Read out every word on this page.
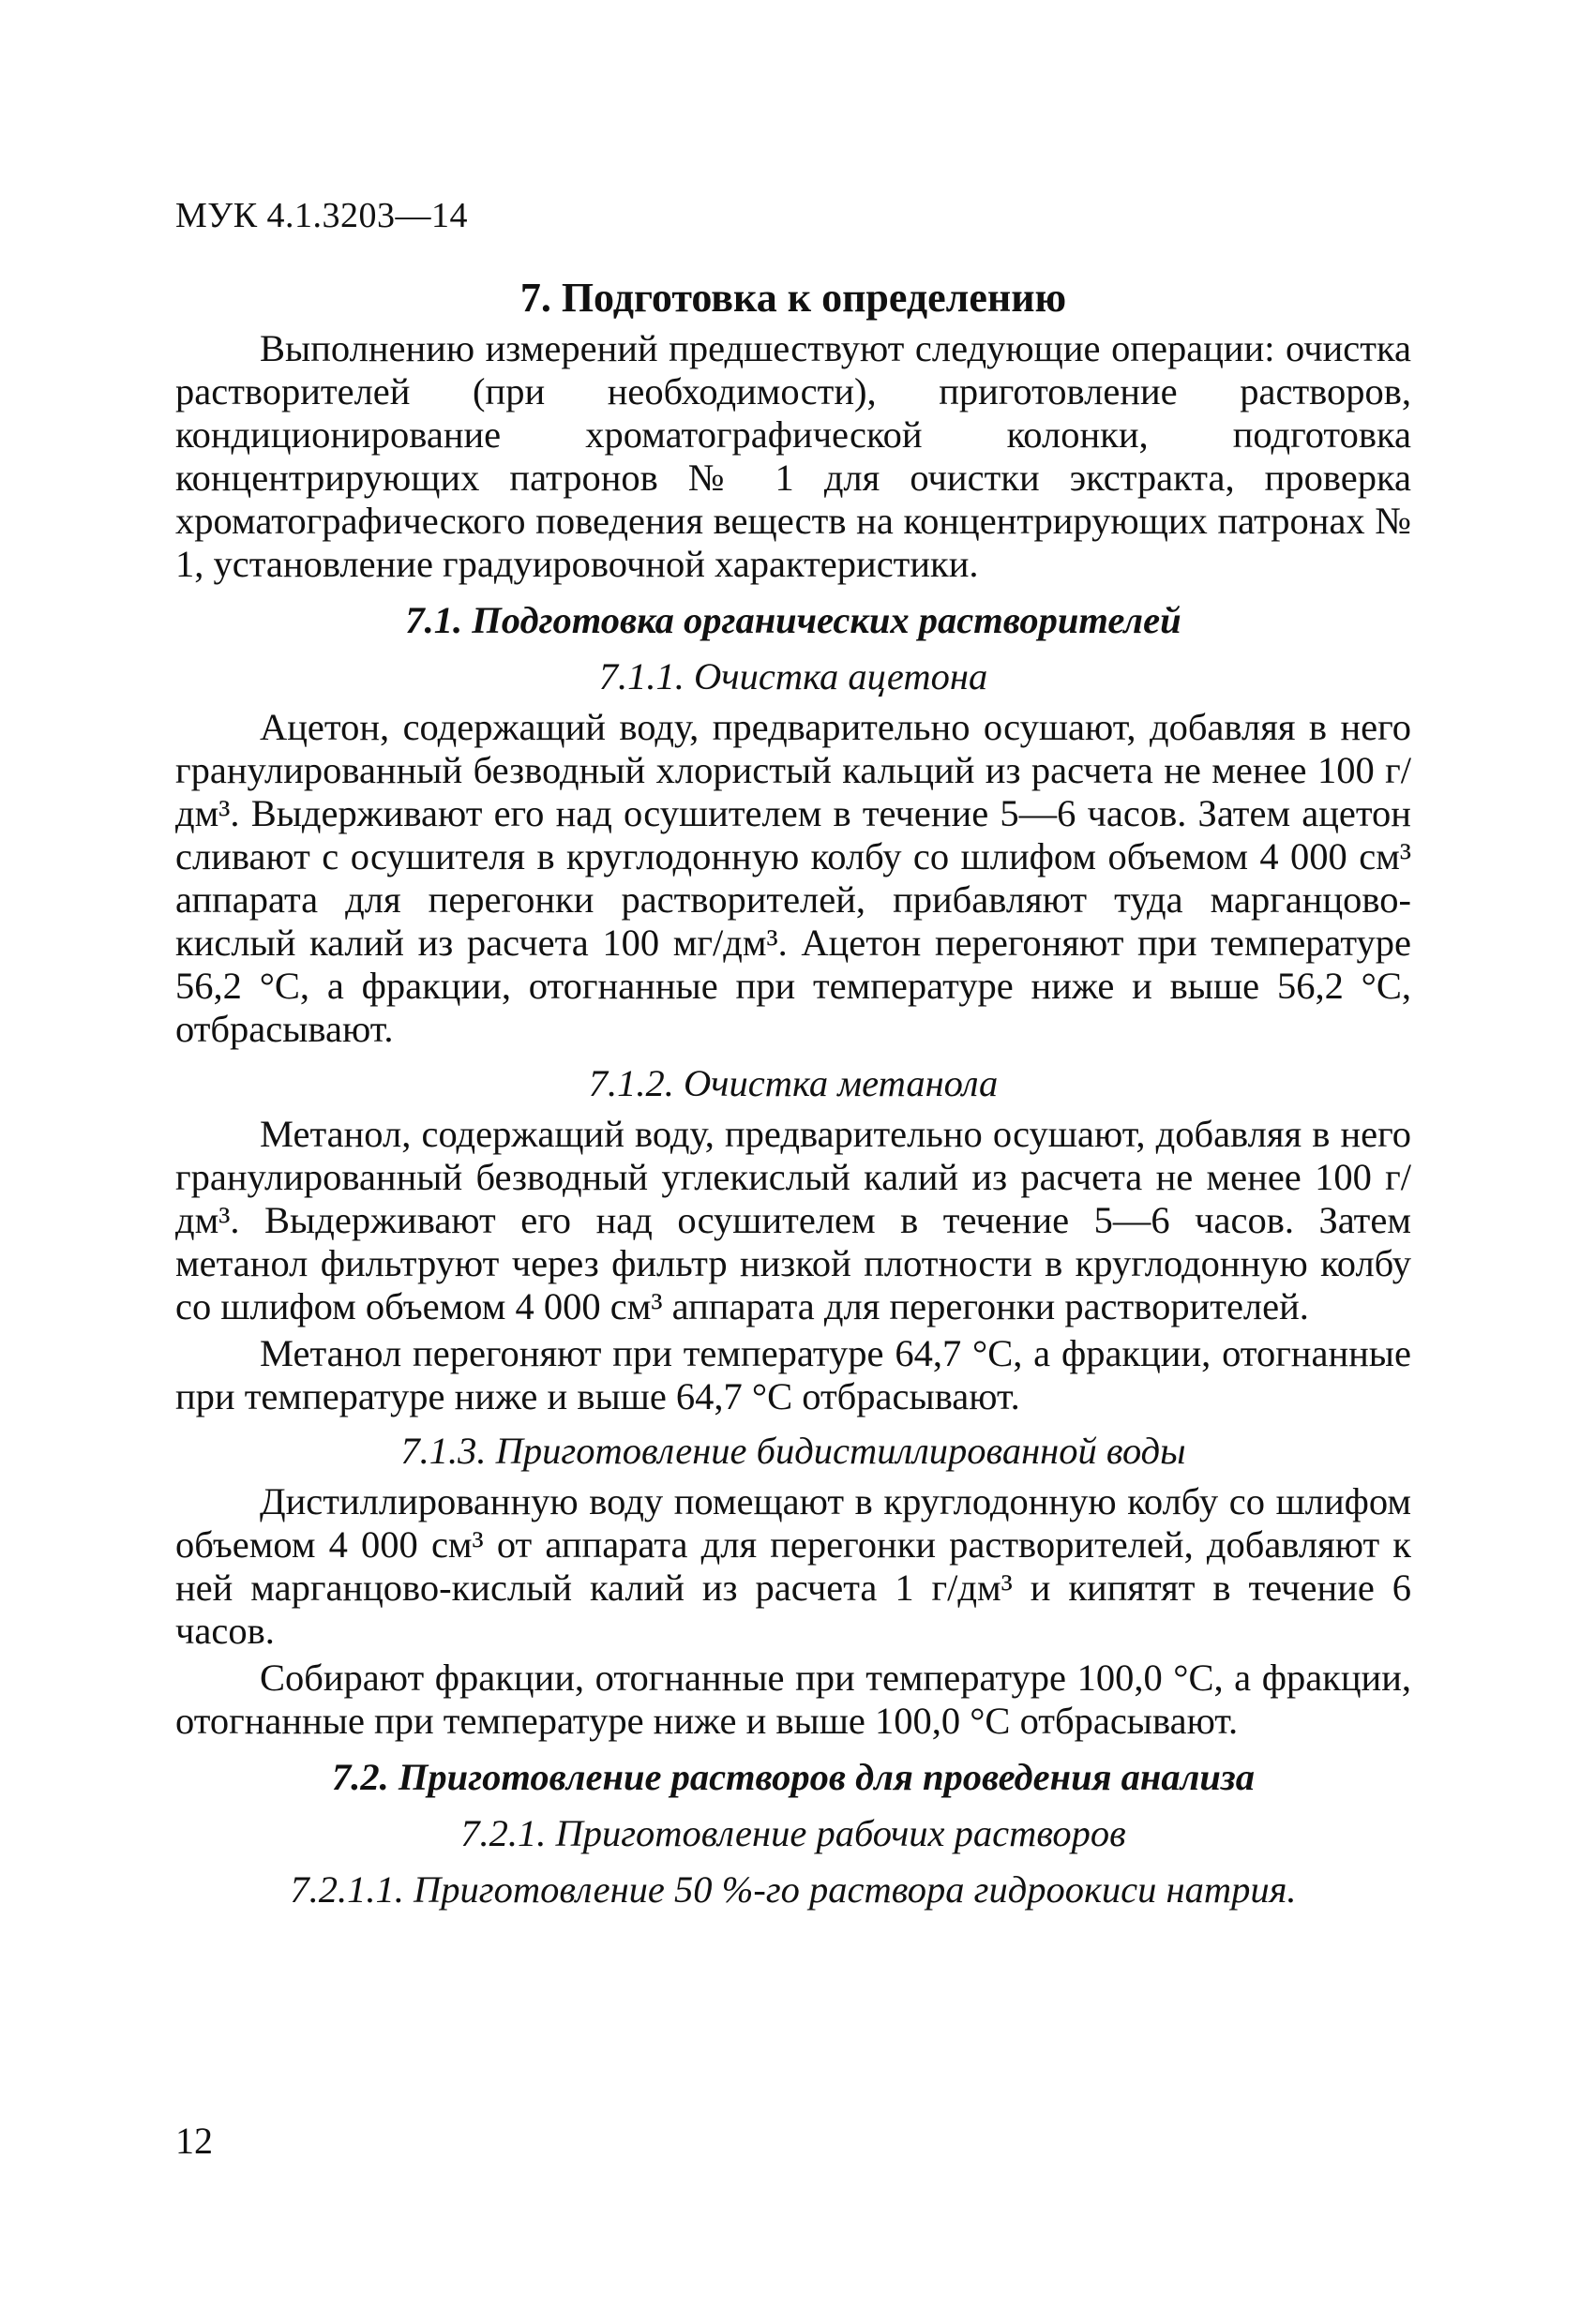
МУК 4.1.3203—14
7. Подготовка к определению

Выполнению измерений предшествуют следующие операции: очистка растворителей (при необходимости), приготовление растворов, кондиционирование хроматографической колонки, подготовка концентрирующих патронов № 1 для очистки экстракта, проверка хроматографического поведения веществ на концентрирующих патронах № 1, установление градуировочной характеристики.

7.1. Подготовка органических растворителей
7.1.1. Очистка ацетона

Ацетон, содержащий воду, предварительно осушают, добавляя в него гранулированный безводный хлористый кальций из расчета не менее 100 г/дм³. Выдерживают его над осушителем в течение 5—6 часов. Затем ацетон сливают с осушителя в круглодонную колбу со шлифом объемом 4 000 см³ аппарата для перегонки растворителей, прибавляют туда марганцово-кислый калий из расчета 100 мг/дм³. Ацетон перегоняют при температуре 56,2 °С, а фракции, отогнанные при температуре ниже и выше 56,2 °С, отбрасывают.

7.1.2. Очистка метанола

Метанол, содержащий воду, предварительно осушают, добавляя в него гранулированный безводный углекислый калий из расчета не менее 100 г/дм³. Выдерживают его над осушителем в течение 5—6 часов. Затем метанол фильтруют через фильтр низкой плотности в круглодонную колбу со шлифом объемом 4 000 см³ аппарата для перегонки растворителей.

Метанол перегоняют при температуре 64,7 °С, а фракции, отогнанные при температуре ниже и выше 64,7 °С отбрасывают.

7.1.3. Приготовление бидистиллированной воды

Дистиллированную воду помещают в круглодонную колбу со шлифом объемом 4 000 см³ от аппарата для перегонки растворителей, добавляют к ней марганцово-кислый калий из расчета 1 г/дм³ и кипятят в течение 6 часов.

Собирают фракции, отогнанные при температуре 100,0 °С, а фракции, отогнанные при температуре ниже и выше 100,0 °С отбрасывают.

7.2. Приготовление растворов для проведения анализа
7.2.1. Приготовление рабочих растворов
7.2.1.1. Приготовление 50 %-го раствора гидроокиси натрия.
12
